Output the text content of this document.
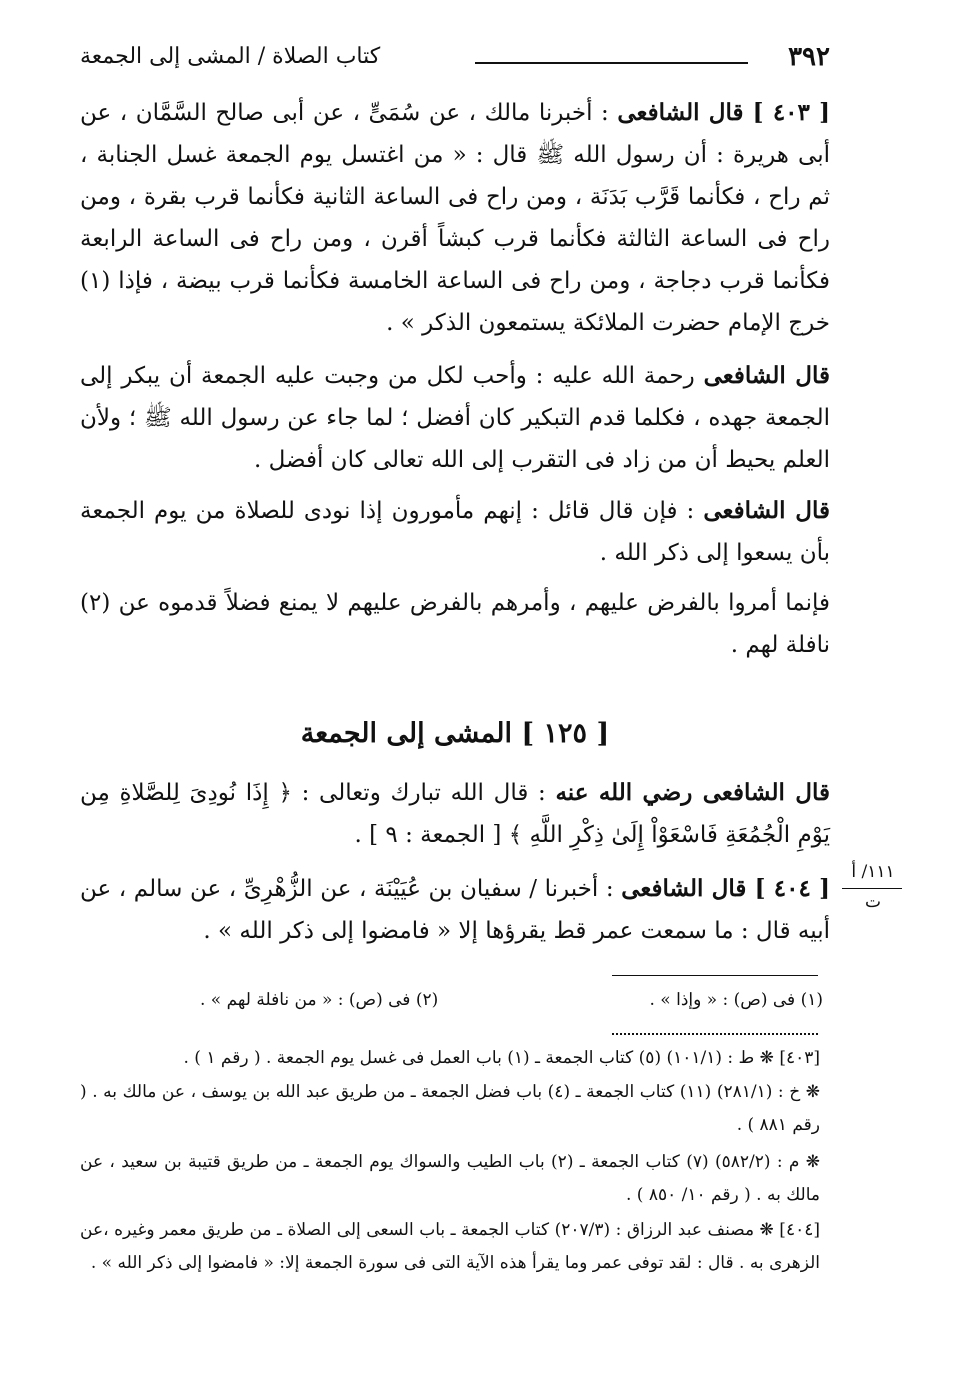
٣٩٢
كتاب الصلاة / المشى إلى الجمعة
[ ٤٠٣ ] قال الشافعى : أخبرنا مالك ، عن سُمَىٍّ ، عن أبى صالح السَّمَّان ، عن أبى هريرة : أن رسول الله ﷺ قال : « من اغتسل يوم الجمعة غسل الجنابة ، ثم راح ، فكأنما قَرَّب بَدَنَة ، ومن راح فى الساعة الثانية فكأنما قرب بقرة ، ومن راح فى الساعة الثالثة فكأنما قرب كبشاً أقرن ، ومن راح فى الساعة الرابعة فكأنما قرب دجاجة ، ومن راح فى الساعة الخامسة فكأنما قرب بيضة ، فإذا (١) خرج الإمام حضرت الملائكة يستمعون الذكر » .
قال الشافعى رحمة الله عليه : وأحب لكل من وجبت عليه الجمعة أن يبكر إلى الجمعة جهده ، فكلما قدم التبكير كان أفضل ؛ لما جاء عن رسول الله ﷺ ؛ ولأن العلم يحيط أن من زاد فى التقرب إلى الله تعالى كان أفضل .
قال الشافعى : فإن قال قائل : إنهم مأمورون إذا نودى للصلاة من يوم الجمعة بأن يسعوا إلى ذكر الله .
فإنما أمروا بالفرض عليهم ، وأمرهم بالفرض عليهم لا يمنع فضلاً قدموه عن (٢) نافلة لهم .
[ ١٢٥ ] المشى إلى الجمعة
قال الشافعى رضي الله عنه : قال الله تبارك وتعالى : ﴿ إِذَا نُودِىَ لِلصَّلاةِ مِن يَوْمِ الْجُمُعَةِ فَاسْعَوْاْ إِلَىٰ ذِكْرِ اللَّهِ ﴾ [ الجمعة : ٩ ] .
[ ٤٠٤ ] قال الشافعى : أخبرنا / سفيان بن عُيَيْنَة ، عن الزُّهْرِىِّ ، عن سالم ، عن أبيه قال : ما سمعت عمر قط يقرؤها إلا « فامضوا إلى ذكر الله » .
١١١/ أ
ت
(١) فى (ص) : « وإذا » .
(٢) فى (ص) : « من نافلة لهم » .
[٤٠٣] ❋ ط : (١٠١/١) (٥) كتاب الجمعة ـ (١) باب العمل فى غسل يوم الجمعة . ( رقم ١ ) .
❋ خ : (٢٨١/١) (١١) كتاب الجمعة ـ (٤) باب فضل الجمعة ـ من طريق عبد الله بن يوسف ، عن مالك به . ( رقم ٨٨١ ) .
❋ م : (٥٨٢/٢) (٧) كتاب الجمعة ـ (٢) باب الطيب والسواك يوم الجمعة ـ من طريق قتيبة بن سعيد ، عن مالك به . ( رقم ١٠/ ٨٥٠ ) .
[٤٠٤] ❋ مصنف عبد الرزاق : (٢٠٧/٣) كتاب الجمعة ـ باب السعى إلى الصلاة ـ من طريق معمر وغيره ،عن الزهرى به . قال : لقد توفى عمر وما يقرأ هذه الآية التى فى سورة الجمعة إلا: « فامضوا إلى ذكر الله » .
